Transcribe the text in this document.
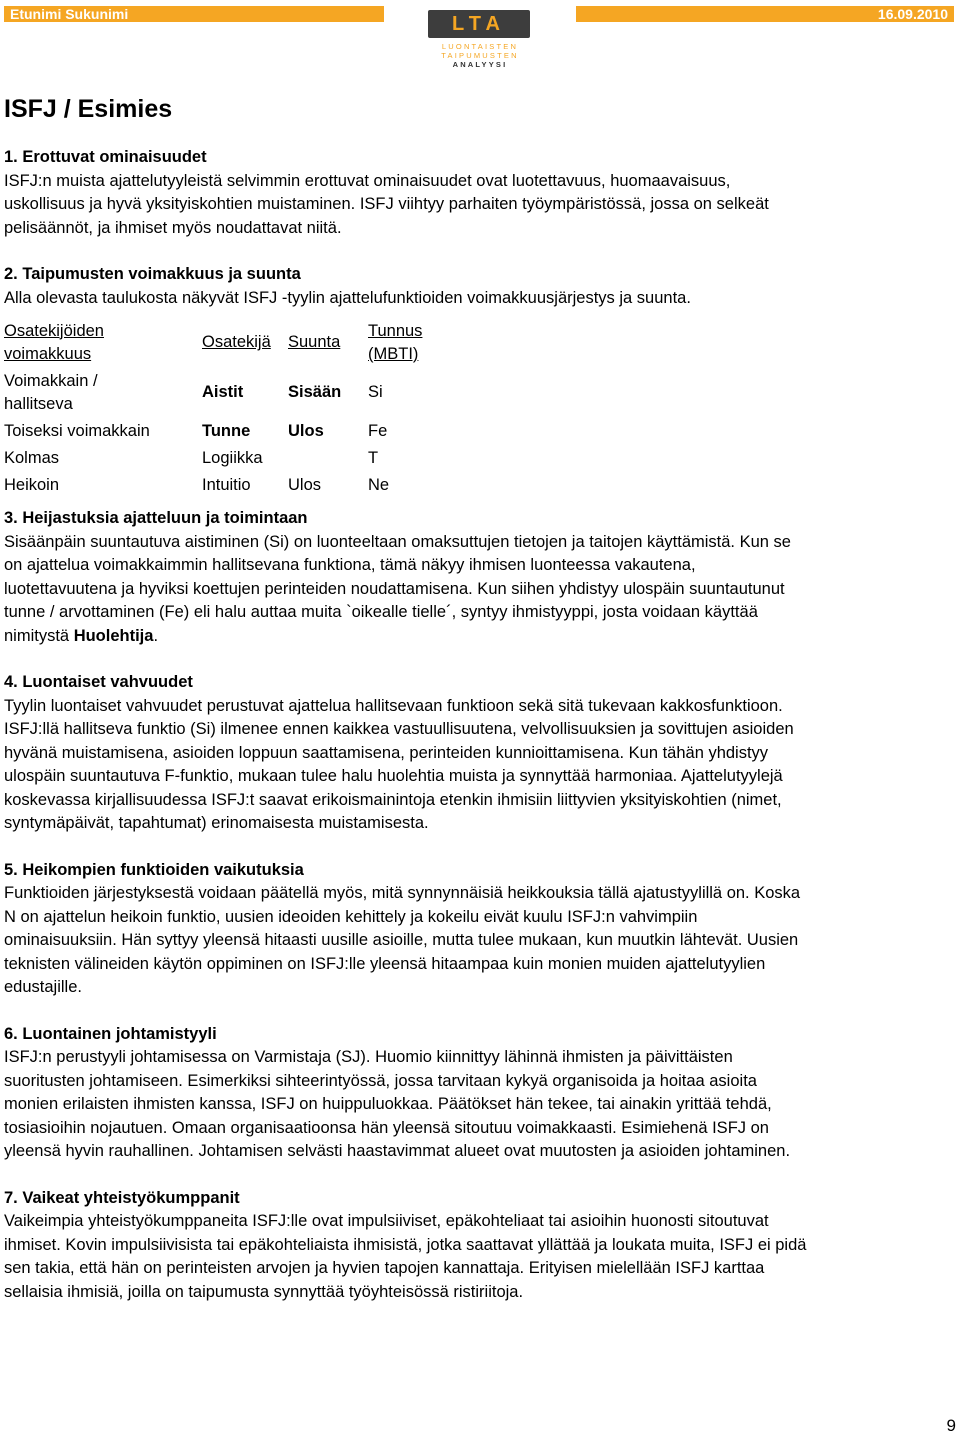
Etunimi Sukunimi	LTA
LUONTAISTEN
TAIPUMUSTEN
ANALYYSI
16.09.2010
ISFJ / Esimies

1. Erottuvat ominaisuudet

ISFJ:n muista ajattelutyyleistä selvimmin erottuvat ominaisuudet ovat luotettavuus, huomaavaisuus,

uskollisuus ja hyvä yksityiskohtien muistaminen. ISFJ viihtyy parhaiten työympäristössä, jossa on selkeät

pelisäännöt, ja ihmiset myös noudattavat niitä.

2. Taipumusten voimakkuus ja suunta

Alla olevasta taulukosta näkyvät ISFJ -tyylin ajattelufunktioiden voimakkuusjärjestys ja suunta.

Osatekijöiden
voimakkuus	Osatekijä	Suunta	Tunnus
(MBTI)
Voimakkain /
hallitseva	Aistit	Sisään	Si
Toiseksi voimakkain	Tunne	Ulos	Fe
Kolmas	Logiikka		T
Heikoin	Intuitio	Ulos	Ne

3. Heijastuksia ajatteluun ja toimintaan

Sisäänpäin suuntautuva aistiminen (Si) on luonteeltaan omaksuttujen tietojen ja taitojen käyttämistä. Kun se

on ajattelua voimakkaimmin hallitsevana funktiona, tämä näkyy ihmisen luonteessa vakautena,

luotettavuutena ja hyviksi koettujen perinteiden noudattamisena. Kun siihen yhdistyy ulospäin suuntautunut

tunne / arvottaminen (Fe) eli halu auttaa muita `oikealle tielle´, syntyy ihmistyyppi, josta voidaan käyttää

nimitystä Huolehtija.

4. Luontaiset vahvuudet

Tyylin luontaiset vahvuudet perustuvat ajattelua hallitsevaan funktioon sekä sitä tukevaan kakkosfunktioon.

ISFJ:llä hallitseva funktio (Si) ilmenee ennen kaikkea vastuullisuutena, velvollisuuksien ja sovittujen asioiden

hyvänä muistamisena, asioiden loppuun saattamisena, perinteiden kunnioittamisena. Kun tähän yhdistyy

ulospäin suuntautuva F-funktio, mukaan tulee halu huolehtia muista ja synnyttää harmoniaa. Ajattelutyylejä

koskevassa kirjallisuudessa ISFJ:t saavat erikoismainintoja etenkin ihmisiin liittyvien yksityiskohtien (nimet,

syntymäpäivät, tapahtumat) erinomaisesta muistamisesta.

5. Heikompien funktioiden vaikutuksia

Funktioiden järjestyksestä voidaan päätellä myös, mitä synnynnäisiä heikkouksia tällä ajatustyylillä on. Koska

N on ajattelun heikoin funktio, uusien ideoiden kehittely ja kokeilu eivät kuulu ISFJ:n vahvimpiin

ominaisuuksiin. Hän syttyy yleensä hitaasti uusille asioille, mutta tulee mukaan, kun muutkin lähtevät. Uusien

teknisten välineiden käytön oppiminen on ISFJ:lle yleensä hitaampaa kuin monien muiden ajattelutyylien

edustajille.

6. Luontainen johtamistyyli

ISFJ:n perustyyli johtamisessa on Varmistaja (SJ). Huomio kiinnittyy lähinnä ihmisten ja päivittäisten

suoritusten johtamiseen. Esimerkiksi sihteerintyössä, jossa tarvitaan kykyä organisoida ja hoitaa asioita

monien erilaisten ihmisten kanssa, ISFJ on huippuluokkaa. Päätökset hän tekee, tai ainakin yrittää tehdä,

tosiasioihin nojautuen. Omaan organisaatioonsa hän yleensä sitoutuu voimakkaasti. Esimiehenä ISFJ on

yleensä hyvin rauhallinen. Johtamisen selvästi haastavimmat alueet ovat muutosten ja asioiden johtaminen.

7. Vaikeat yhteistyökumppanit

Vaikeimpia yhteistyökumppaneita ISFJ:lle ovat impulsiiviset, epäkohteliaat tai asioihin huonosti sitoutuvat

ihmiset. Kovin impulsiivisista tai epäkohteliaista ihmisistä, jotka saattavat yllättää ja loukata muita, ISFJ ei pidä

sen takia, että hän on perinteisten arvojen ja hyvien tapojen kannattaja. Erityisen mielellään ISFJ karttaa

sellaisia ihmisiä, joilla on taipumusta synnyttää työyhteisössä ristiriitoja.

9
